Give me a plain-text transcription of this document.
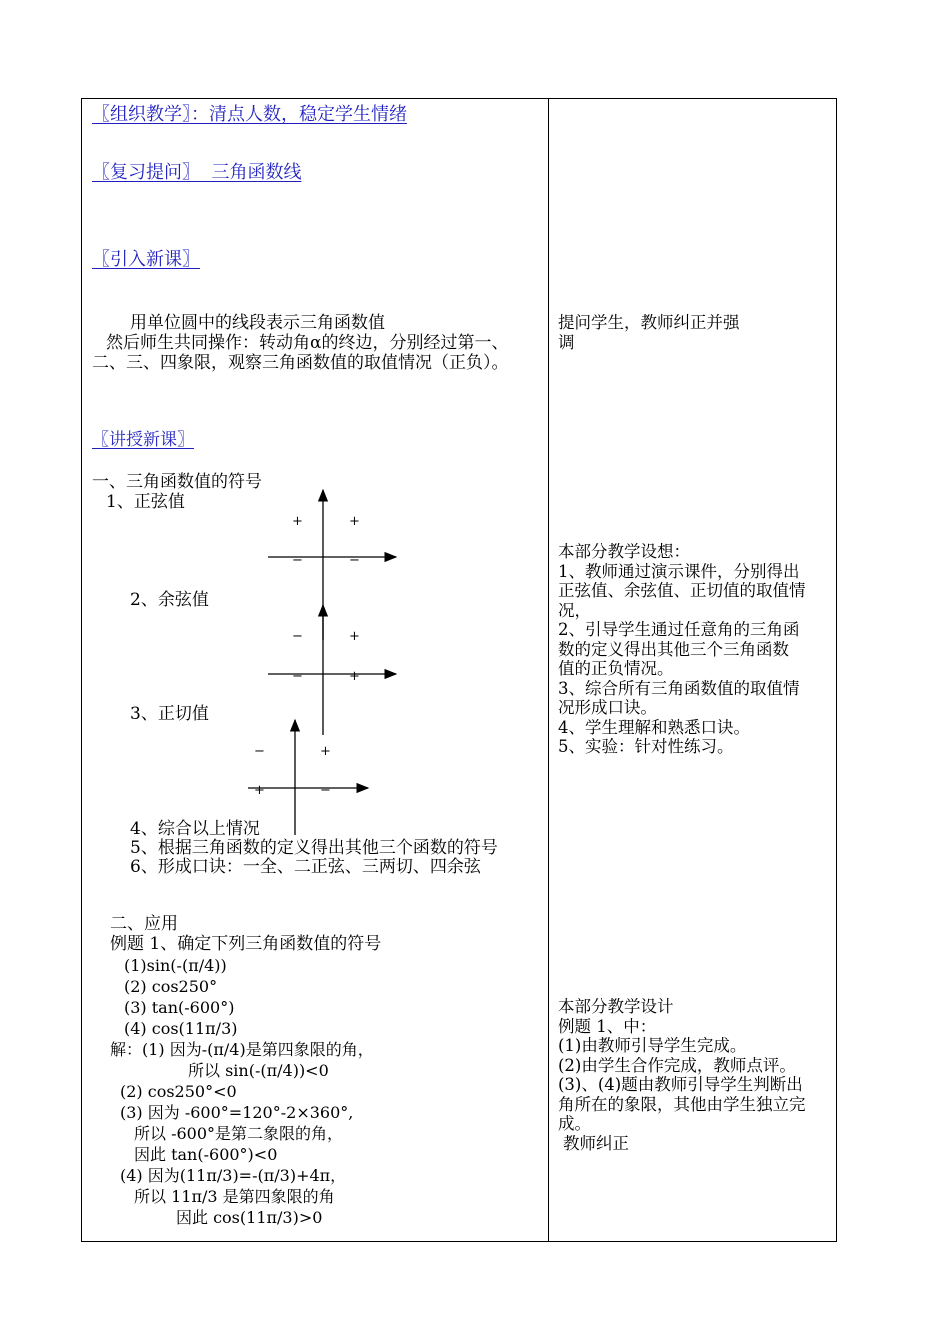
〖组织教学〗：清点人数，稳定学生情绪
〖复习提问〗 三角函数线
〖引入新课〗
用单位圆中的线段表示三角函数值
然后师生共同操作：转动角α的终边，分别经过第一、
二、三、四象限，观察三角函数值的取值情况（正负）。
〖讲授新课〗
一、三角函数值的符号
1、正弦值
2、余弦值
3、正切值
+	+
−	−
−	+
−	+
−	+
+	−
4、综合以上情况
5、根据三角函数的定义得出其他三个函数的符号
6、形成口诀：一全、二正弦、三两切、四余弦
二、应用
例题 1、确定下列三角函数值的符号
(1)sin(-(π/4))
(2) cos250°
(3) tan(-600°)
(4) cos(11π/3)
解：(1) 因为-(π/4)是第四象限的角，
所以 sin(-(π/4))<0
(2) cos250°<0
(3) 因为 -600°=120°-2×360°,
所以 -600°是第二象限的角，
因此 tan(-600°)<0
(4) 因为(11π/3)=-(π/3)+4π，
所以 11π/3 是第四象限的角
因此 cos(11π/3)>0
提问学生，教师纠正并强
调
本部分教学设想：
1、教师通过演示课件，分别得出
正弦值、余弦值、正切值的取值情
况，
2、引导学生通过任意角的三角函
数的定义得出其他三个三角函数
值的正负情况。
3、综合所有三角函数值的取值情
况形成口诀。
4、学生理解和熟悉口诀。
5、实验：针对性练习。
本部分教学设计
例题 1、中：
(1)由教师引导学生完成。
(2)由学生合作完成，教师点评。
(3)、(4)题由教师引导学生判断出
角所在的象限，其他由学生独立完
成。
教师纠正
